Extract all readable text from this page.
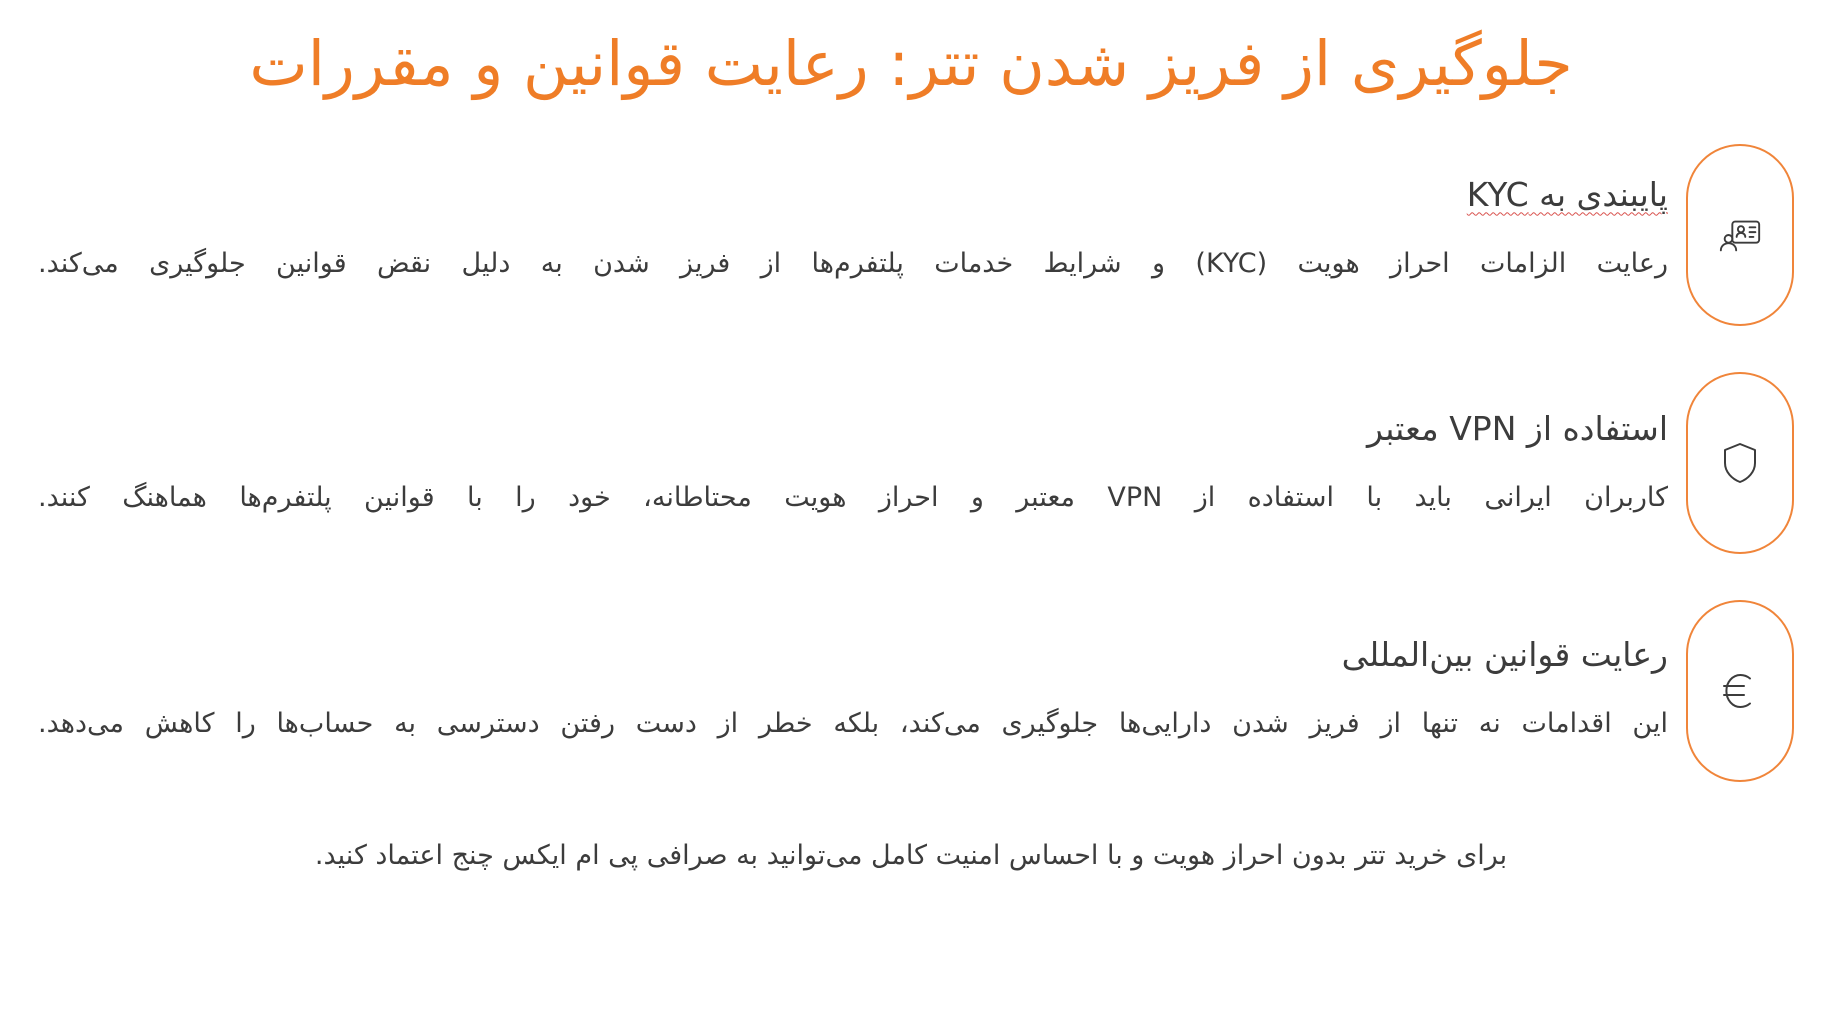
جلوگیری از فریز شدن تتر: رعایت قوانین و مقررات
پایبندی به KYC

رعایت الزامات احراز هویت (KYC) و شرایط خدمات پلتفرم‌ها از فریز شدن به دلیل نقض قوانین جلوگیری می‌کند.

استفاده از VPN معتبر

کاربران ایرانی باید با استفاده از VPN معتبر و احراز هویت محتاطانه، خود را با قوانین پلتفرم‌ها هماهنگ کنند.

رعایت قوانین بین‌المللی

این اقدامات نه تنها از فریز شدن دارایی‌ها جلوگیری می‌کند، بلکه خطر از دست رفتن دسترسی به حساب‌ها را کاهش می‌دهد.

برای خرید تتر بدون احراز هویت و با احساس امنیت کامل می‌توانید به صرافی پی ام ایکس چنج اعتماد کنید.
